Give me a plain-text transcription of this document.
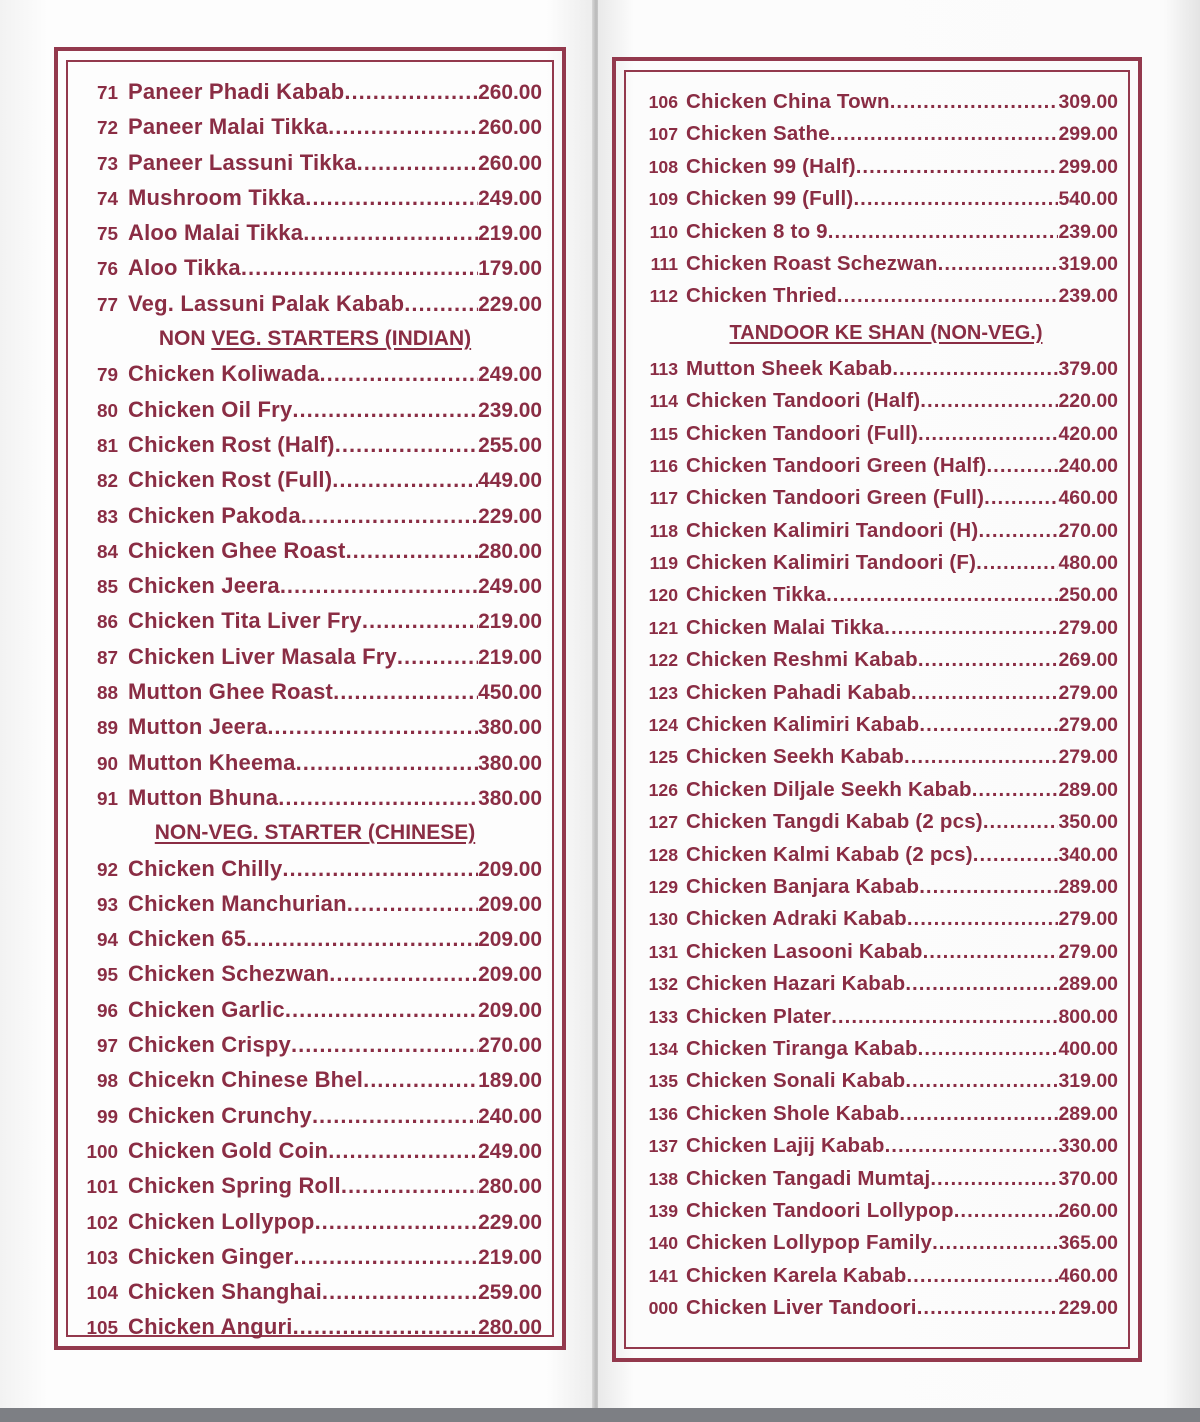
71 Paneer Phadi Kabab .....	260.00
72 Paneer Malai Tikka .....	260.00
73 Paneer Lassuni Tikka .....	260.00
74 Mushroom Tikka .....	249.00
75 Aloo Malai Tikka .....	219.00
76 Aloo Tikka .....	179.00
77 Veg. Lassuni Palak Kabab .....	229.00
NON VEG. STARTERS (INDIAN)
79 Chicken Koliwada .....	249.00
80 Chicken Oil Fry .....	239.00
81 Chicken Rost (Half) .....	255.00
82 Chicken Rost (Full) .....	449.00
83 Chicken Pakoda .....	229.00
84 Chicken Ghee Roast .....	280.00
85 Chicken Jeera .....	249.00
86 Chicken Tita Liver Fry .....	219.00
87 Chicken Liver Masala Fry .....	219.00
88 Mutton Ghee Roast .....	450.00
89 Mutton Jeera .....	380.00
90 Mutton Kheema .....	380.00
91 Mutton Bhuna .....	380.00
NON-VEG. STARTER (CHINESE)
92 Chicken Chilly .....	209.00
93 Chicken Manchurian .....	209.00
94 Chicken 65 .....	209.00
95 Chicken Schezwan .....	209.00
96 Chicken Garlic .....	209.00
97 Chicken Crispy .....	270.00
98 Chicekn Chinese Bhel .....	189.00
99 Chicken Crunchy .....	240.00
100 Chicken Gold Coin .....	249.00
101 Chicken Spring Roll .....	280.00
102 Chicken Lollypop .....	229.00
103 Chicken Ginger .....	219.00
104 Chicken Shanghai .....	259.00
105 Chicken Anguri .....	280.00
106 Chicken China Town .....	309.00
107 Chicken Sathe .....	299.00
108 Chicken 99 (Half) .....	299.00
109 Chicken 99 (Full) .....	540.00
110 Chicken 8 to 9 .....	239.00
111 Chicken Roast Schezwan .....	319.00
112 Chicken Thried .....	239.00
TANDOOR KE SHAN (NON-VEG.)
113 Mutton Sheek Kabab .....	379.00
114 Chicken Tandoori (Half) .....	220.00
115 Chicken Tandoori (Full) .....	420.00
116 Chicken Tandoori Green (Half) .....	240.00
117 Chicken Tandoori Green (Full) .....	460.00
118 Chicken Kalimiri Tandoori (H) .....	270.00
119 Chicken Kalimiri Tandoori (F) .....	480.00
120 Chicken Tikka .....	250.00
121 Chicken Malai Tikka .....	279.00
122 Chicken Reshmi Kabab .....	269.00
123 Chicken Pahadi Kabab .....	279.00
124 Chicken Kalimiri Kabab .....	279.00
125 Chicken Seekh Kabab .....	279.00
126 Chicken Diljale Seekh Kabab .....	289.00
127 Chicken Tangdi Kabab (2 pcs) .....	350.00
128 Chicken Kalmi Kabab (2 pcs) .....	340.00
129 Chicken Banjara Kabab .....	289.00
130 Chicken Adraki Kabab .....	279.00
131 Chicken Lasooni Kabab .....	279.00
132 Chicken Hazari Kabab .....	289.00
133 Chicken Plater .....	800.00
134 Chicken Tiranga Kabab .....	400.00
135 Chicken Sonali Kabab .....	319.00
136 Chicken Shole Kabab .....	289.00
137 Chicken Lajij Kabab .....	330.00
138 Chicken Tangadi Mumtaj .....	370.00
139 Chicken Tandoori Lollypop .....	260.00
140 Chicken Lollypop Family .....	365.00
141 Chicken Karela Kabab .....	460.00
000 Chicken Liver Tandoori .....	229.00
